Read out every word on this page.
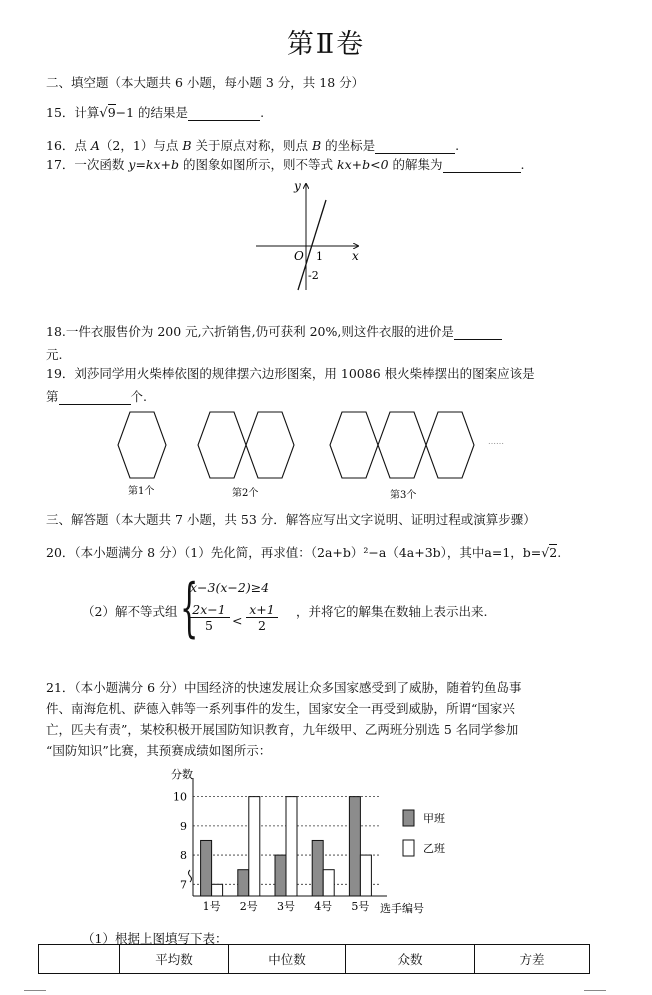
第Ⅱ卷
二、填空题（本大题共 6 小题，每小题 3 分，共 18 分）
15．计算√9−1 的结果是	.
16．点 A（2，1）与点 B 关于原点对称，则点 B 的坐标是	.
17．一次函数 y=kx+b 的图象如图所示，则不等式 kx+b<0 的解集为	.
y
x
O 1
-2
18.一件衣服售价为 200 元,六折销售,仍可获利 20%,则这件衣服的进价是
元.
19．刘莎同学用火柴棒依图的规律摆六边形图案，用 10086 根火柴棒摆出的图案应该是
第	个.
第1个	第2个	第3个
……
三、解答题（本大题共 7 小题，共 53 分．解答应写出文字说明、证明过程或演算步骤）
20．（本小题满分 8 分）（1）先化简，再求值：（2a+b）²−a（4a+3b），其中a=1，b=√2.
（2）解不等式组 {
x−3(x−2)≥4
$\frac{2x-1}{5} < \frac{x+1}{2}$ ，并将它的解集在数轴上表示出来.
21．（本小题满分 6 分）中国经济的快速发展让众多国家感受到了威胁，随着钓鱼岛事
件、南海危机、萨德入韩等一系列事件的发生，国家安全一再受到威胁，所谓“国家兴
亡，匹夫有责”，某校积极开展国防知识教育，九年级甲、乙两班分别选 5 名同学参加
“国防知识”比赛，其预赛成绩如图所示：
分数
选手编号
甲班
乙班
7
8
9
10
1号 2号 3号 4号 5号
（1）根据上图填写下表：
	平均数	中位数	众数	方差
